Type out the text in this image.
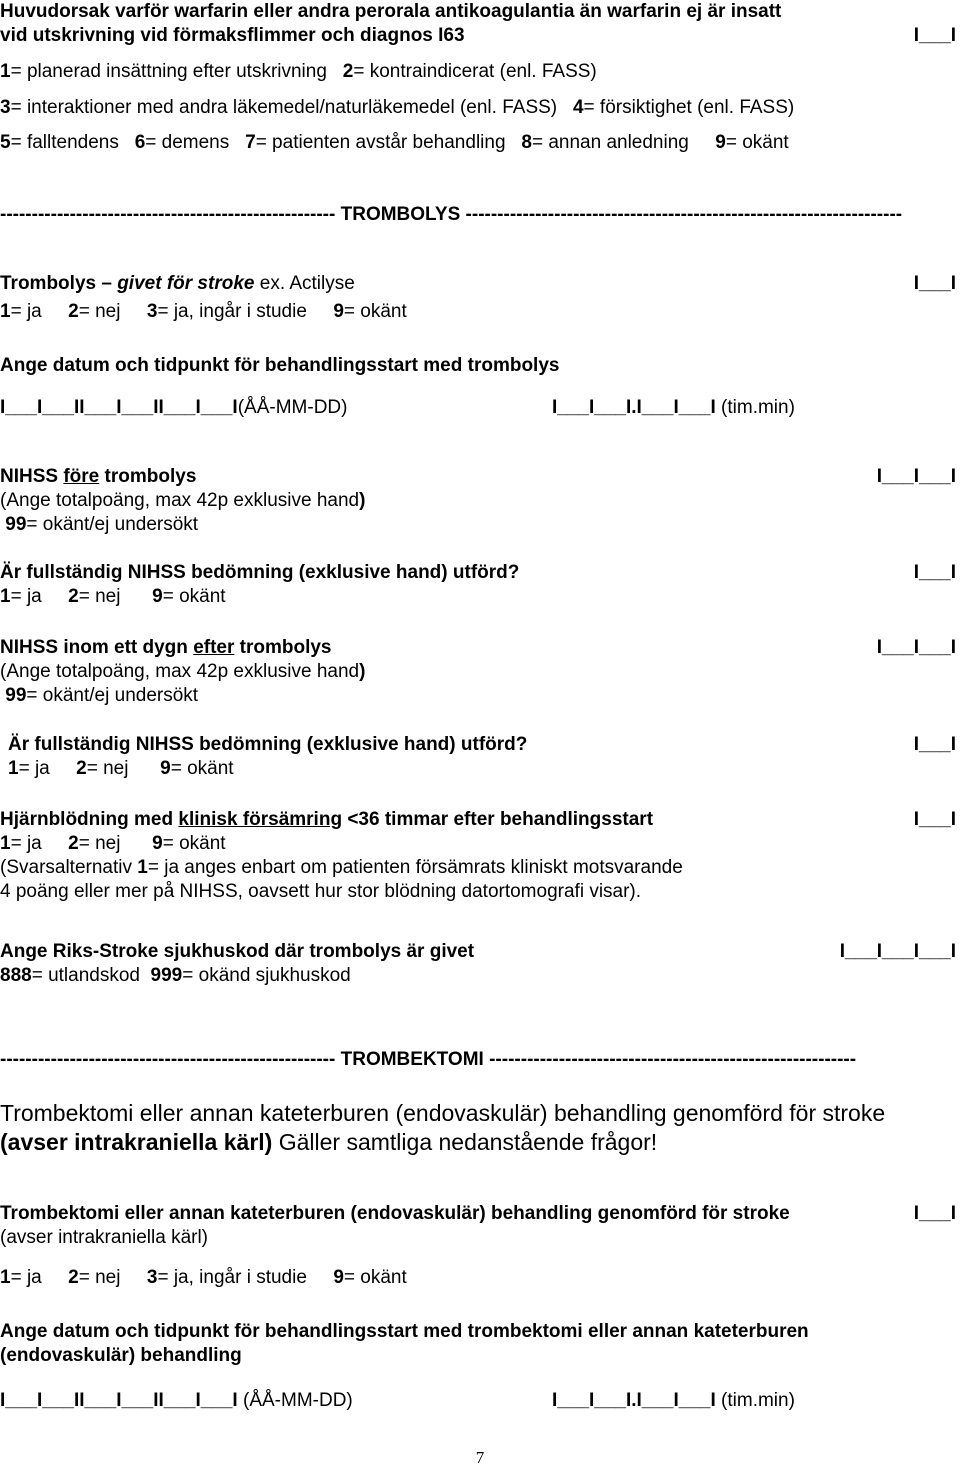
Huvudorsak varför warfarin eller andra perorala antikoagulantia än warfarin ej är insatt
vid utskrivning vid förmaksflimmer och diagnos I63	I___I
1= planerad insättning efter utskrivning 2= kontraindicerat (enl. FASS)
3= interaktioner med andra läkemedel/naturläkemedel (enl. FASS) 4= försiktighet (enl. FASS)
5= falltendens 6= demens 7= patienten avstår behandling 8= annan anledning 9= okänt
----------------------------------------------------- TROMBOLYS ---------------------------------------------------------------------
Trombolys – givet för stroke ex. Actilyse	I___I
1= ja 2= nej 3= ja, ingår i studie 9= okänt
Ange datum och tidpunkt för behandlingsstart med trombolys
I___I___II___I___II___I___I(ÅÅ-MM-DD)	I___I___I.I___I___I (tim.min)
NIHSS före trombolys	I___I___I
(Ange totalpoäng, max 42p exklusive hand)
99= okänt/ej undersökt
Är fullständig NIHSS bedömning (exklusive hand) utförd?	I___I
1= ja 2= nej 9= okänt
NIHSS inom ett dygn efter trombolys	I___I___I
(Ange totalpoäng, max 42p exklusive hand)
99= okänt/ej undersökt
Är fullständig NIHSS bedömning (exklusive hand) utförd?	I___I
1= ja 2= nej 9= okänt
Hjärnblödning med klinisk försämring <36 timmar efter behandlingsstart	I___I
1= ja 2= nej 9= okänt
(Svarsalternativ 1= ja anges enbart om patienten försämrats kliniskt motsvarande
4 poäng eller mer på NIHSS, oavsett hur stor blödning datortomografi visar).
Ange Riks-Stroke sjukhuskod där trombolys är givet	I___I___I___I
888= utlandskod 999= okänd sjukhuskod
----------------------------------------------------- TROMBEKTOMI ----------------------------------------------------------
Trombektomi eller annan kateterburen (endovaskulär) behandling genomförd för stroke
(avser intrakraniella kärl) Gäller samtliga nedanstående frågor!
Trombektomi eller annan kateterburen (endovaskulär) behandling genomförd för stroke	I___I
(avser intrakraniella kärl)
1= ja 2= nej 3= ja, ingår i studie 9= okänt
Ange datum och tidpunkt för behandlingsstart med trombektomi eller annan kateterburen
(endovaskulär) behandling
I___I___II___I___II___I___I (ÅÅ-MM-DD)	I___I___I.I___I___I (tim.min)
7
